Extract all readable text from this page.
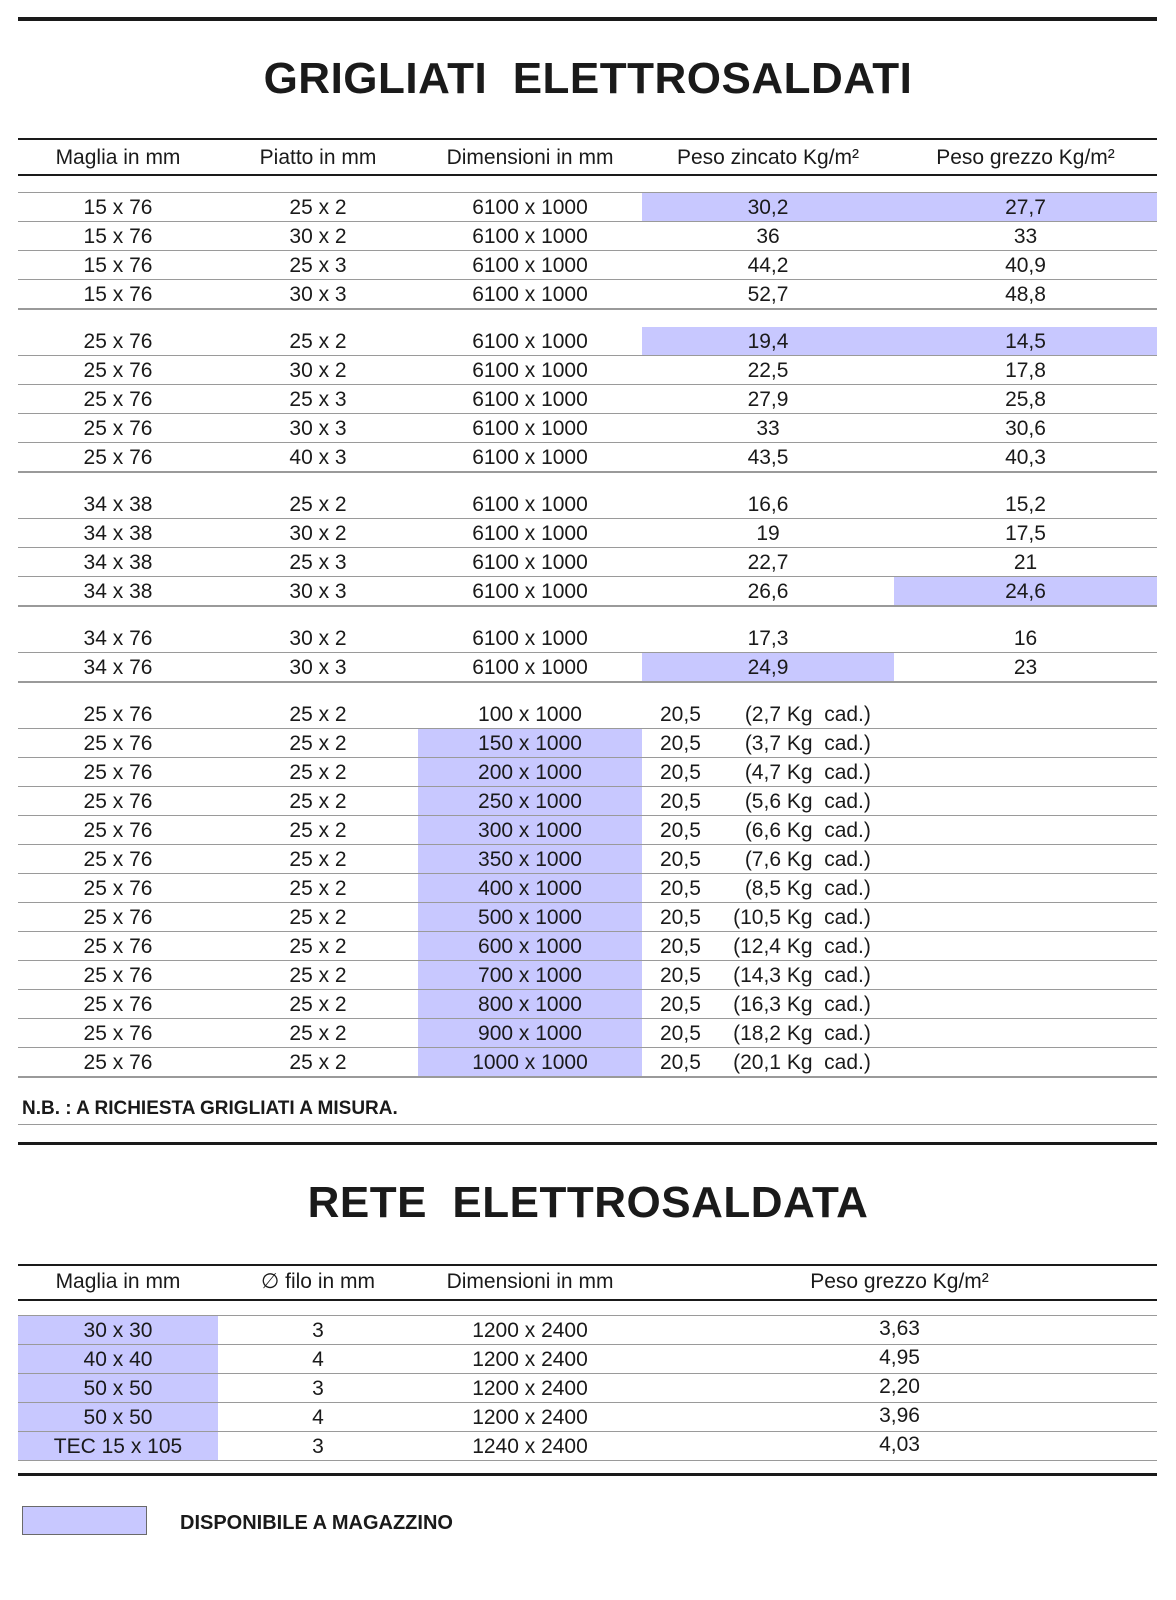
GRIGLIATI  ELETTROSALDATI
Maglia in mm	Piatto in mm	Dimensioni in mm	Peso zincato Kg/m²	Peso grezzo Kg/m²
15 x 76	25 x 2	6100 x 1000	30,2	27,7
15 x 76	30 x 2	6100 x 1000	36	33
15 x 76	25 x 3	6100 x 1000	44,2	40,9
15 x 76	30 x 3	6100 x 1000	52,7	48,8
25 x 76	25 x 2	6100 x 1000	19,4	14,5
25 x 76	30 x 2	6100 x 1000	22,5	17,8
25 x 76	25 x 3	6100 x 1000	27,9	25,8
25 x 76	30 x 3	6100 x 1000	33	30,6
25 x 76	40 x 3	6100 x 1000	43,5	40,3
34 x 38	25 x 2	6100 x 1000	16,6	15,2
34 x 38	30 x 2	6100 x 1000	19	17,5
34 x 38	25 x 3	6100 x 1000	22,7	21
34 x 38	30 x 3	6100 x 1000	26,6	24,6
34 x 76	30 x 2	6100 x 1000	17,3	16
34 x 76	30 x 3	6100 x 1000	24,9	23
25 x 76	25 x 2	100 x 1000	20,5 (2,7 Kg  cad.)
25 x 76	25 x 2	150 x 1000	20,5 (3,7 Kg  cad.)
25 x 76	25 x 2	200 x 1000	20,5 (4,7 Kg  cad.)
25 x 76	25 x 2	250 x 1000	20,5 (5,6 Kg  cad.)
25 x 76	25 x 2	300 x 1000	20,5 (6,6 Kg  cad.)
25 x 76	25 x 2	350 x 1000	20,5 (7,6 Kg  cad.)
25 x 76	25 x 2	400 x 1000	20,5 (8,5 Kg  cad.)
25 x 76	25 x 2	500 x 1000	20,5 (10,5 Kg  cad.)
25 x 76	25 x 2	600 x 1000	20,5 (12,4 Kg  cad.)
25 x 76	25 x 2	700 x 1000	20,5 (14,3 Kg  cad.)
25 x 76	25 x 2	800 x 1000	20,5 (16,3 Kg  cad.)
25 x 76	25 x 2	900 x 1000	20,5 (18,2 Kg  cad.)
25 x 76	25 x 2	1000 x 1000	20,5 (20,1 Kg  cad.)
N.B. : A RICHIESTA GRIGLIATI A MISURA.
RETE  ELETTROSALDATA
Maglia in mm	∅ filo in mm	Dimensioni in mm	Peso grezzo Kg/m²
30 x 30	3	1200 x 2400	3,63
40 x 40	4	1200 x 2400	4,95
50 x 50	3	1200 x 2400	2,20
50 x 50	4	1200 x 2400	3,96
TEC 15 x 105	3	1240 x 2400	4,03
DISPONIBILE A MAGAZZINO
